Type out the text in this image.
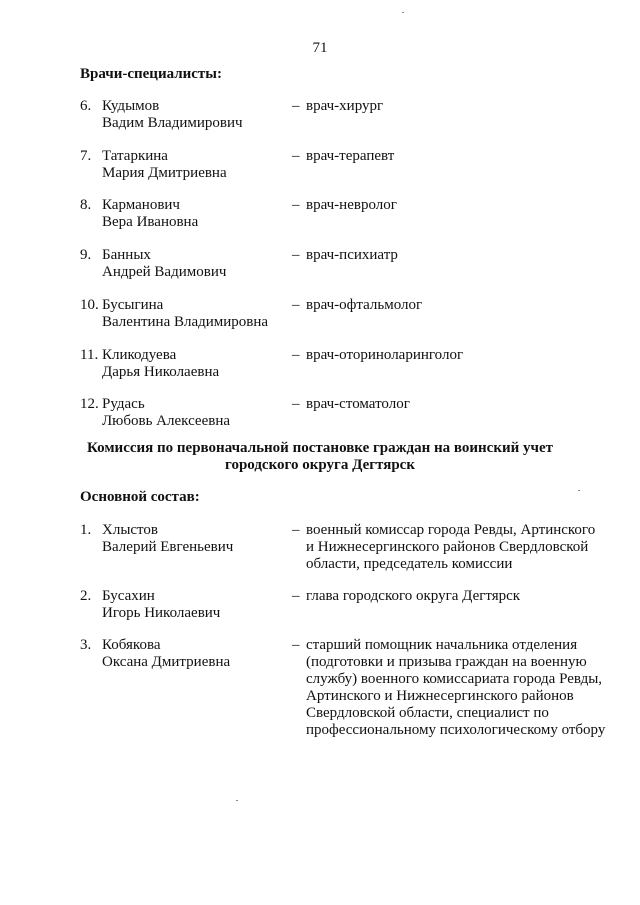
71
Врачи-специалисты:
6. Кудымов
Вадим Владимирович
– врач-хирург
7. Татаркина
Мария Дмитриевна
– врач-терапевт
8. Карманович
Вера Ивановна
– врач-невролог
9. Банных
Андрей Вадимович
– врач-психиатр
10. Бусыгина
Валентина Владимировна
– врач-офтальмолог
11. Кликодуева
Дарья Николаевна
– врач-оториноларинголог
12. Рудась
Любовь Алексеевна
– врач-стоматолог
Комиссия по первоначальной постановке граждан на воинский учет
городского округа Дегтярск
Основной состав:
1. Хлыстов
Валерий Евгеньевич
– военный комиссар города Ревды, Артинского
и Нижнесергинского районов Свердловской
области, председатель комиссии
2. Бусахин
Игорь Николаевич
– глава городского округа Дегтярск
3. Кобякова
Оксана Дмитриевна
– старший помощник начальника отделения
(подготовки и призыва граждан на военную
службу) военного комиссариата города Ревды,
Артинского и Нижнесергинского районов
Свердловской области, специалист по
профессиональному психологическому отбору
